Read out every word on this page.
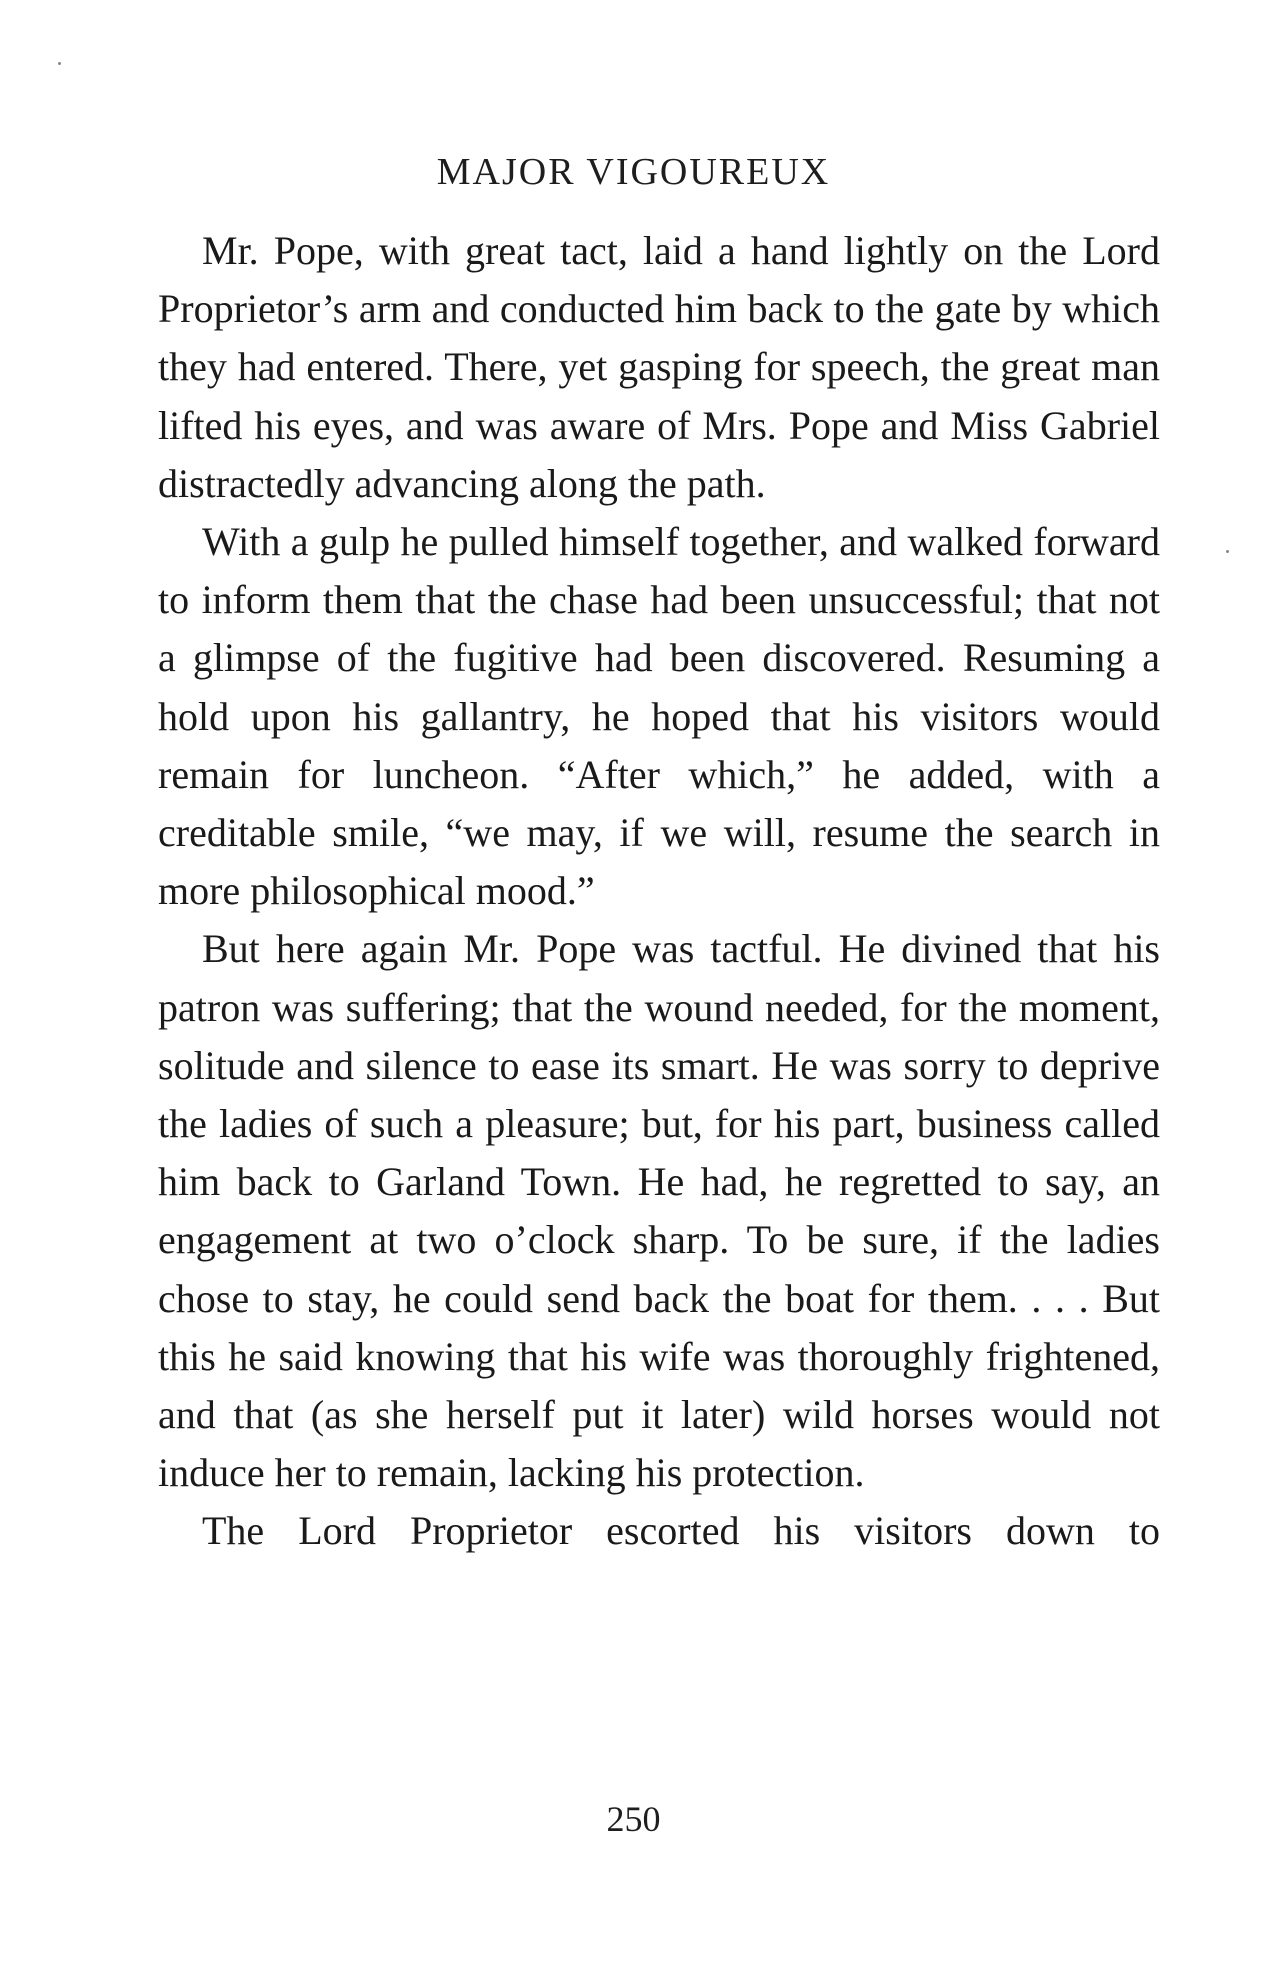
MAJOR VIGOUREUX

Mr. Pope, with great tact, laid a hand lightly on the Lord Proprietor’s arm and conducted him back to the gate by which they had entered. There, yet gasping for speech, the great man lifted his eyes, and was aware of Mrs. Pope and Miss Gabriel distractedly advancing along the path.

With a gulp he pulled himself together, and walked forward to inform them that the chase had been unsuccessful; that not a glimpse of the fugitive had been discovered. Resuming a hold upon his gallantry, he hoped that his visitors would remain for luncheon. “After which,” he added, with a creditable smile, “we may, if we will, resume the search in more philosophical mood.”

But here again Mr. Pope was tactful. He divined that his patron was suffering; that the wound needed, for the moment, solitude and silence to ease its smart. He was sorry to deprive the ladies of such a pleasure; but, for his part, business called him back to Garland Town. He had, he regretted to say, an engagement at two o’clock sharp. To be sure, if the ladies chose to stay, he could send back the boat for them. . . . But this he said knowing that his wife was thoroughly frightened, and that (as she herself put it later) wild horses would not induce her to remain, lacking his protection.

The Lord Proprietor escorted his visitors down to

250
